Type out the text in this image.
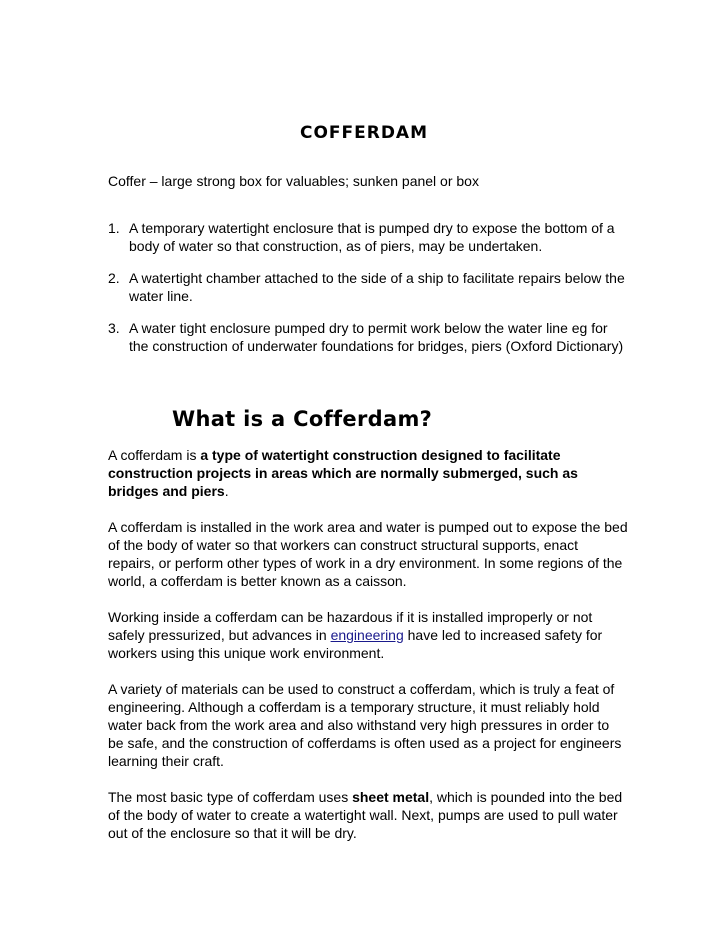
COFFERDAM

Coffer – large strong box for valuables; sunken panel or box

1. A temporary watertight enclosure that is pumped dry to expose the bottom of a body of water so that construction, as of piers, may be undertaken.
2. A watertight chamber attached to the side of a ship to facilitate repairs below the water line.
3. A water tight enclosure pumped dry to permit work below the water line eg for the construction of underwater foundations for bridges, piers (Oxford Dictionary)
What is a Cofferdam?

A cofferdam is a type of watertight construction designed to facilitate construction projects in areas which are normally submerged, such as bridges and piers.

A cofferdam is installed in the work area and water is pumped out to expose the bed of the body of water so that workers can construct structural supports, enact repairs, or perform other types of work in a dry environment. In some regions of the world, a cofferdam is better known as a caisson.

Working inside a cofferdam can be hazardous if it is installed improperly or not safely pressurized, but advances in engineering have led to increased safety for workers using this unique work environment.

A variety of materials can be used to construct a cofferdam, which is truly a feat of engineering. Although a cofferdam is a temporary structure, it must reliably hold water back from the work area and also withstand very high pressures in order to be safe, and the construction of cofferdams is often used as a project for engineers learning their craft.

The most basic type of cofferdam uses sheet metal, which is pounded into the bed of the body of water to create a watertight wall. Next, pumps are used to pull water out of the enclosure so that it will be dry.
